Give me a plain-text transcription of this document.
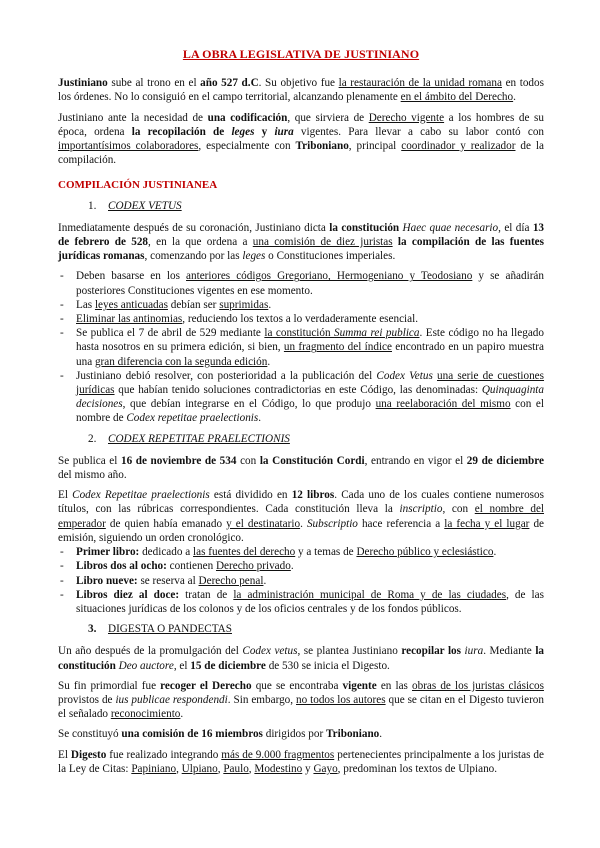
LA OBRA LEGISLATIVA DE JUSTINIANO

Justiniano sube al trono en el año 527 d.C. Su objetivo fue la restauración de la unidad romana en todos los órdenes. No lo consiguió en el campo territorial, alcanzando plenamente en el ámbito del Derecho.

Justiniano ante la necesidad de una codificación, que sirviera de Derecho vigente a los hombres de su época, ordena la recopilación de leges y iura vigentes. Para llevar a cabo su labor contó con importantísimos colaboradores, especialmente con Triboniano, principal coordinador y realizador de la compilación.

COMPILACIÓN JUSTINIANEA
1. CODEX VETUS

Inmediatamente después de su coronación, Justiniano dicta la constitución Haec quae necesario, el día 13 de febrero de 528, en la que ordena a una comisión de diez juristas la compilación de las fuentes jurídicas romanas, comenzando por las leges o Constituciones imperiales.

- Deben basarse en los anteriores códigos Gregoriano, Hermogeniano y Teodosiano y se añadirán posteriores Constituciones vigentes en ese momento.
- Las leyes anticuadas debían ser suprimidas.
- Eliminar las antinomias, reduciendo los textos a lo verdaderamente esencial.
- Se publica el 7 de abril de 529 mediante la constitución Summa rei publica. Este código no ha llegado hasta nosotros en su primera edición, si bien, un fragmento del índice encontrado en un papiro muestra una gran diferencia con la segunda edición.
- Justiniano debió resolver, con posterioridad a la publicación del Codex Vetus una serie de cuestiones jurídicas que habían tenido soluciones contradictorias en este Código, las denominadas: Quinquaginta decisiones, que debían integrarse en el Código, lo que produjo una reelaboración del mismo con el nombre de Codex repetitae praelectionis.
2. CODEX REPETITAE PRAELECTIONIS

Se publica el 16 de noviembre de 534 con la Constitución Cordi, entrando en vigor el 29 de diciembre del mismo año.

El Codex Repetitae praelectionis está dividido en 12 libros. Cada uno de los cuales contiene numerosos títulos, con las rúbricas correspondientes. Cada constitución lleva la inscriptio, con el nombre del emperador de quien había emanado y el destinatario. Subscriptio hace referencia a la fecha y el lugar de emisión, siguiendo un orden cronológico.

- Primer libro: dedicado a las fuentes del derecho y a temas de Derecho público y eclesiástico.
- Libros dos al ocho: contienen Derecho privado.
- Libro nueve: se reserva al Derecho penal.
- Libros diez al doce: tratan de la administración municipal de Roma y de las ciudades, de las situaciones jurídicas de los colonos y de los oficios centrales y de los fondos públicos.
3. DIGESTA O PANDECTAS

Un año después de la promulgación del Codex vetus, se plantea Justiniano recopilar los iura. Mediante la constitución Deo auctore, el 15 de diciembre de 530 se inicia el Digesto.

Su fin primordial fue recoger el Derecho que se encontraba vigente en las obras de los juristas clásicos provistos de ius publicae respondendi. Sin embargo, no todos los autores que se citan en el Digesto tuvieron el señalado reconocimiento.

Se constituyó una comisión de 16 miembros dirigidos por Triboniano.

El Digesto fue realizado integrando más de 9.000 fragmentos pertenecientes principalmente a los juristas de la Ley de Citas: Papiniano, Ulpiano, Paulo, Modestino y Gayo, predominan los textos de Ulpiano.
